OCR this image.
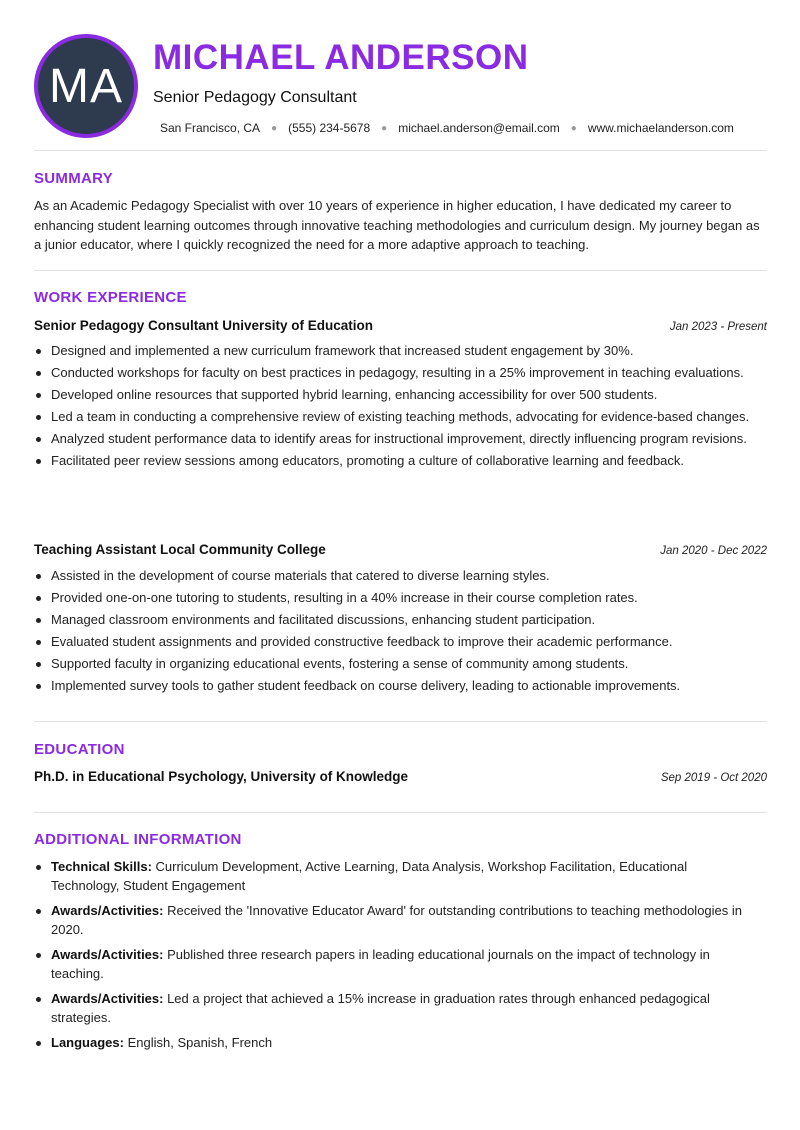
MA
MICHAEL ANDERSON
Senior Pedagogy Consultant
San Francisco, CA ● (555) 234-5678 ● michael.anderson@email.com ● www.michaelanderson.com
SUMMARY

As an Academic Pedagogy Specialist with over 10 years of experience in higher education, I have dedicated my career to enhancing student learning outcomes through innovative teaching methodologies and curriculum design. My journey began as a junior educator, where I quickly recognized the need for a more adaptive approach to teaching.

WORK EXPERIENCE
Senior Pedagogy Consultant University of Education	Jan 2023 - Present
Designed and implemented a new curriculum framework that increased student engagement by 30%.
Conducted workshops for faculty on best practices in pedagogy, resulting in a 25% improvement in teaching evaluations.
Developed online resources that supported hybrid learning, enhancing accessibility for over 500 students.
Led a team in conducting a comprehensive review of existing teaching methods, advocating for evidence-based changes.
Analyzed student performance data to identify areas for instructional improvement, directly influencing program revisions.
Facilitated peer review sessions among educators, promoting a culture of collaborative learning and feedback.
Teaching Assistant Local Community College	Jan 2020 - Dec 2022
Assisted in the development of course materials that catered to diverse learning styles.
Provided one-on-one tutoring to students, resulting in a 40% increase in their course completion rates.
Managed classroom environments and facilitated discussions, enhancing student participation.
Evaluated student assignments and provided constructive feedback to improve their academic performance.
Supported faculty in organizing educational events, fostering a sense of community among students.
Implemented survey tools to gather student feedback on course delivery, leading to actionable improvements.
EDUCATION
Ph.D. in Educational Psychology, University of Knowledge	Sep 2019 - Oct 2020
ADDITIONAL INFORMATION
Technical Skills: Curriculum Development, Active Learning, Data Analysis, Workshop Facilitation, Educational Technology, Student Engagement
Awards/Activities: Received the 'Innovative Educator Award' for outstanding contributions to teaching methodologies in 2020.
Awards/Activities: Published three research papers in leading educational journals on the impact of technology in teaching.
Awards/Activities: Led a project that achieved a 15% increase in graduation rates through enhanced pedagogical strategies.
Languages: English, Spanish, French
